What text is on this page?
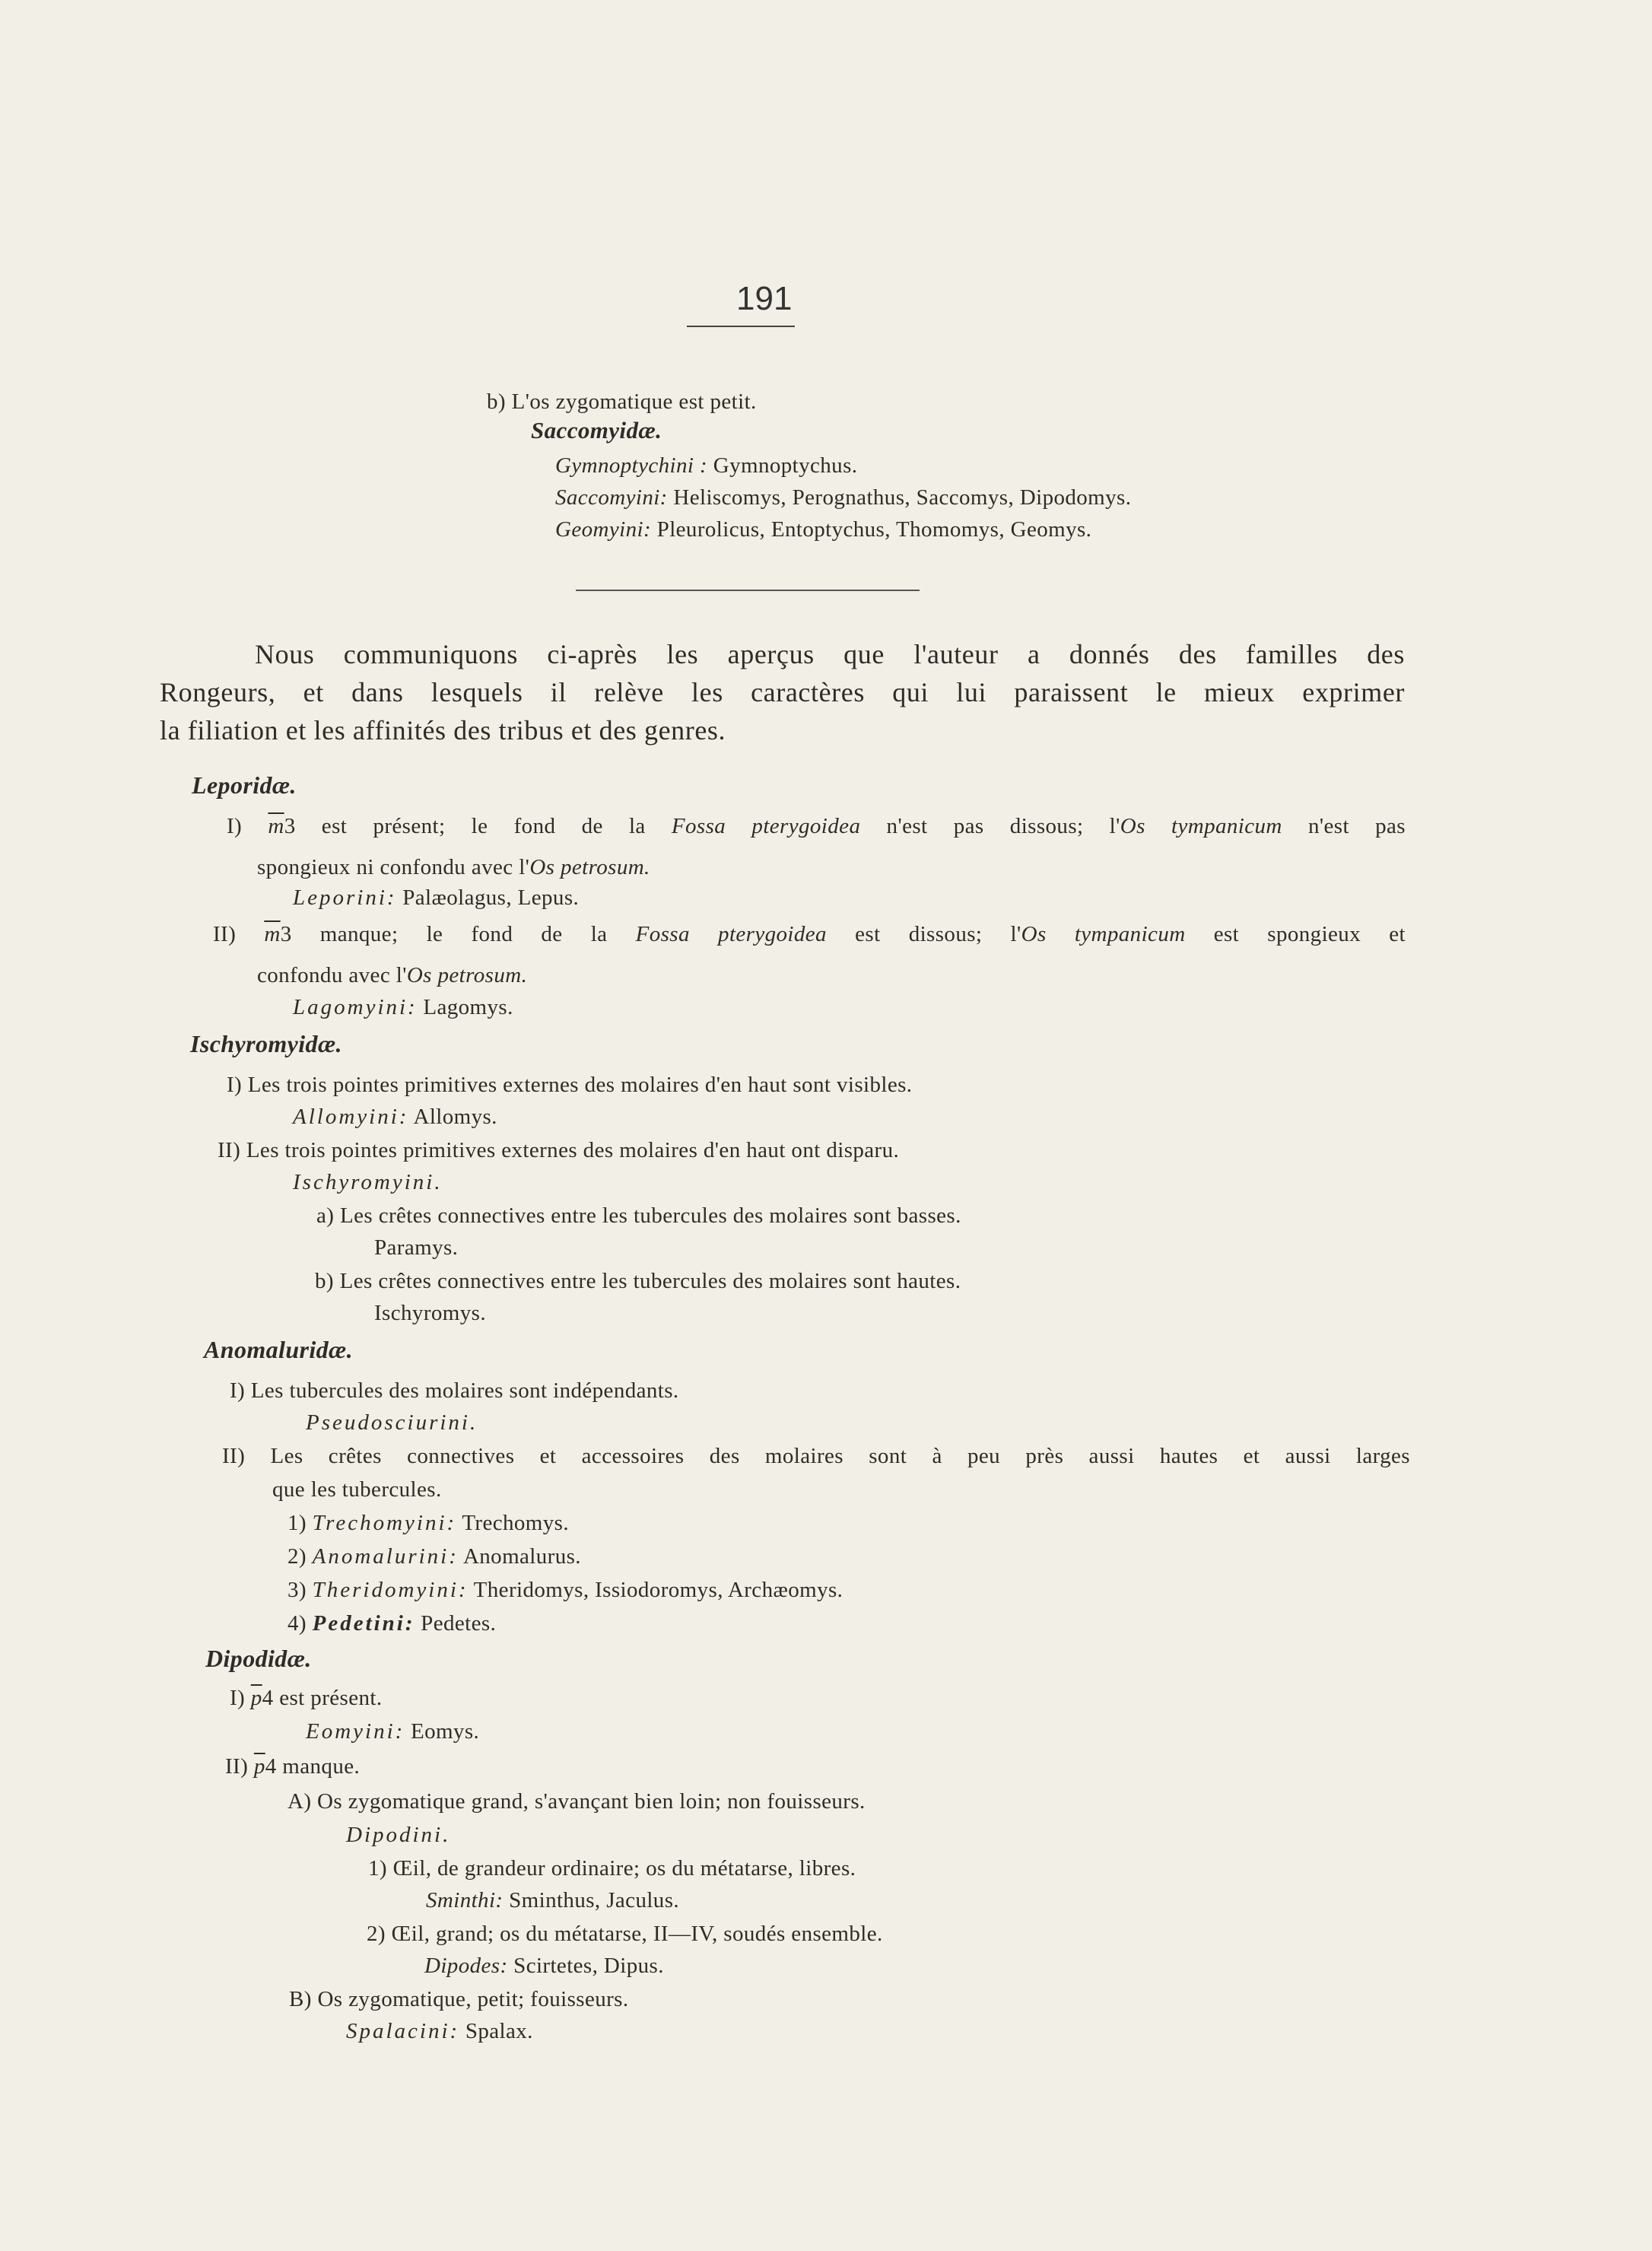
191
b) L'os zygomatique est petit.
Saccomyidæ.
Gymnoptychini : Gymnoptychus.
Saccomyini: Heliscomys, Perognathus, Saccomys, Dipodomys.
Geomyini: Pleurolicus, Entoptychus, Thomomys, Geomys.
Nous communiquons ci-après les aperçus que l'auteur a donnés des familles des
Rongeurs, et dans lesquels il relève les caractères qui lui paraissent le mieux exprimer
la filiation et les affinités des tribus et des genres.
Leporidæ.
I) $\overline{m}3$ est présent; le fond de la Fossa pterygoidea n'est pas dissous; l'Os tympanicum n'est pas
spongieux ni confondu avec l'Os petrosum.
Leporini: Palæolagus, Lepus.
II) $\overline{m}3$ manque; le fond de la Fossa pterygoidea est dissous; l'Os tympanicum est spongieux et
confondu avec l'Os petrosum.
Lagomyini: Lagomys.
Ischyromyidæ.
I) Les trois pointes primitives externes des molaires d'en haut sont visibles.
Allomyini: Allomys.
II) Les trois pointes primitives externes des molaires d'en haut ont disparu.
Ischyromyini.
a) Les crêtes connectives entre les tubercules des molaires sont basses.
Paramys.
b) Les crêtes connectives entre les tubercules des molaires sont hautes.
Ischyromys.
Anomaluridæ.
I) Les tubercules des molaires sont indépendants.
Pseudosciurini.
II) Les crêtes connectives et accessoires des molaires sont à peu près aussi hautes et aussi larges
que les tubercules.
1) Trechomyini: Trechomys.
2) Anomalurini: Anomalurus.
3) Theridomyini: Theridomys, Issiodoromys, Archæomys.
4) Pedetini: Pedetes.
Dipodidæ.
I) $\overline{p}4$ est présent.
Eomyini: Eomys.
II) $\overline{p}4$ manque.
A) Os zygomatique grand, s'avançant bien loin; non fouisseurs.
Dipodini.
1) Œil, de grandeur ordinaire; os du métatarse, libres.
Sminthi: Sminthus, Jaculus.
2) Œil, grand; os du métatarse, II—IV, soudés ensemble.
Dipodes: Scirtetes, Dipus.
B) Os zygomatique, petit; fouisseurs.
Spalacini: Spalax.
